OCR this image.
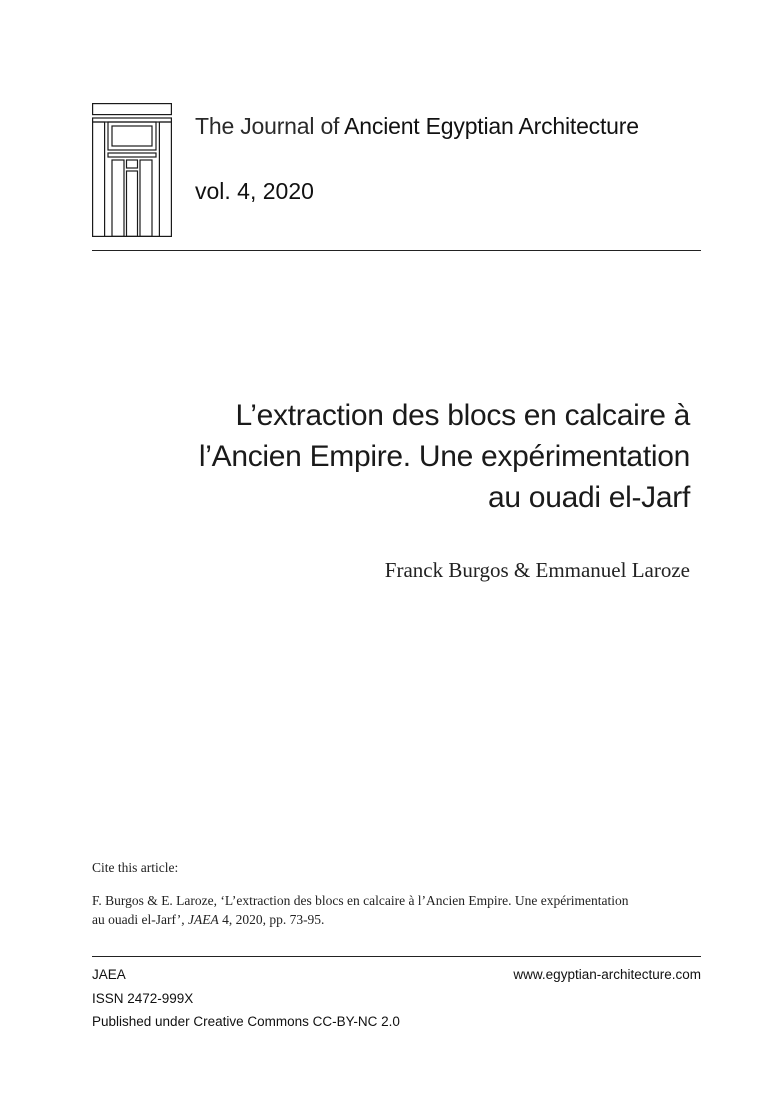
The Journal of Ancient Egyptian Architecture
vol. 4, 2020
L’extraction des blocs en calcaire à
l’Ancien Empire. Une expérimentation
au ouadi el-Jarf
Franck Burgos & Emmanuel Laroze
Cite this article:
F. Burgos & E. Laroze, ‘L’extraction des blocs en calcaire à l’Ancien Empire. Une expérimentation
au ouadi el-Jarf’, JAEA 4, 2020, pp. 73-95.
JAEA
ISSN 2472-999X
Published under Creative Commons CC-BY-NC 2.0
www.egyptian-architecture.com
